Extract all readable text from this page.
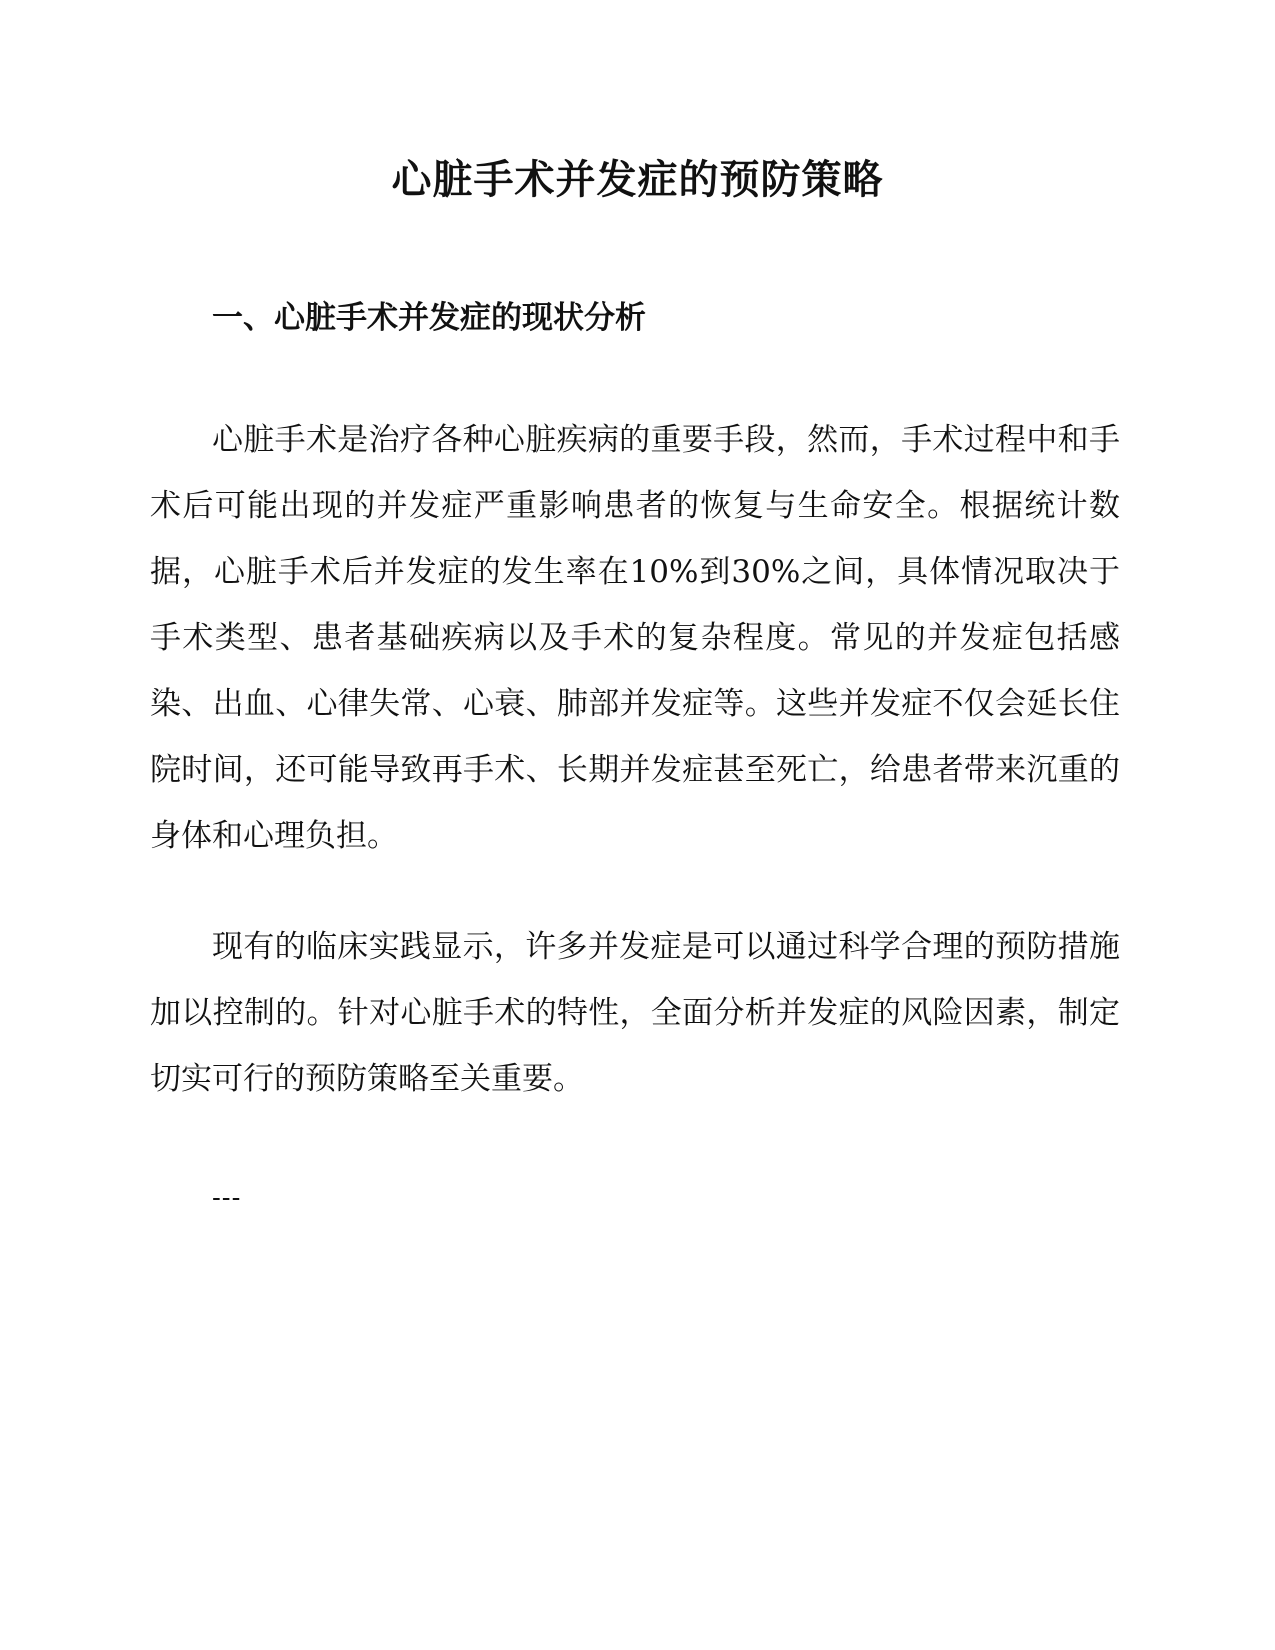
心脏手术并发症的预防策略
一、心脏手术并发症的现状分析

心脏手术是治疗各种心脏疾病的重要手段，然而，手术过程中和手术后可能出现的并发症严重影响患者的恢复与生命安全。根据统计数据，心脏手术后并发症的发生率在10%到30%之间，具体情况取决于手术类型、患者基础疾病以及手术的复杂程度。常见的并发症包括感染、出血、心律失常、心衰、肺部并发症等。这些并发症不仅会延长住院时间，还可能导致再手术、长期并发症甚至死亡，给患者带来沉重的身体和心理负担。

现有的临床实践显示，许多并发症是可以通过科学合理的预防措施加以控制的。针对心脏手术的特性，全面分析并发症的风险因素，制定切实可行的预防策略至关重要。

---
